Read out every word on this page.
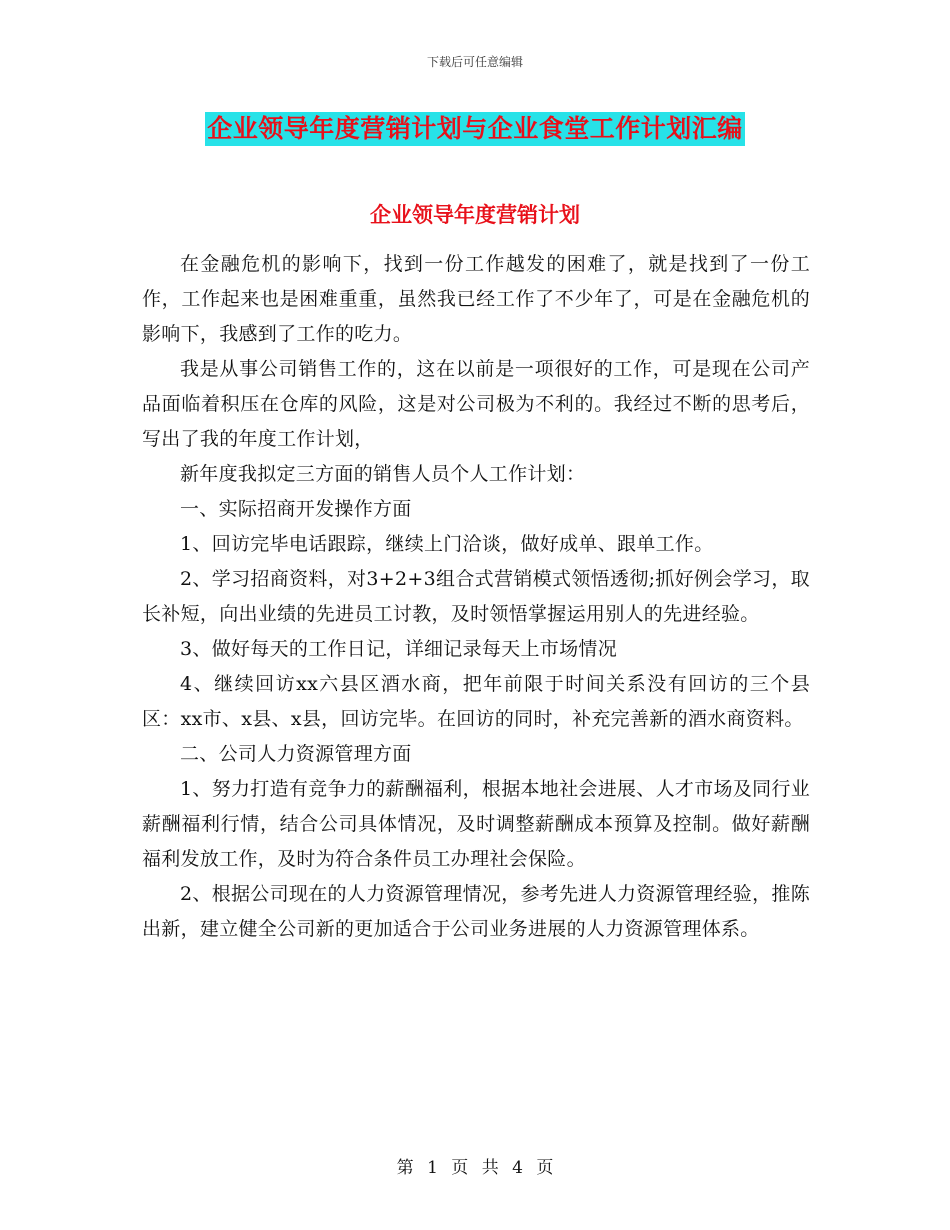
下载后可任意编辑
企业领导年度营销计划与企业食堂工作计划汇编
企业领导年度营销计划

在金融危机的影响下，找到一份工作越发的困难了，就是找到了一份工作，工作起来也是困难重重，虽然我已经工作了不少年了，可是在金融危机的影响下，我感到了工作的吃力。

我是从事公司销售工作的，这在以前是一项很好的工作，可是现在公司产品面临着积压在仓库的风险，这是对公司极为不利的。我经过不断的思考后，写出了我的年度工作计划，

新年度我拟定三方面的销售人员个人工作计划：

一、实际招商开发操作方面

1、回访完毕电话跟踪，继续上门洽谈，做好成单、跟单工作。

2、学习招商资料，对3+2+3组合式营销模式领悟透彻;抓好例会学习，取长补短，向出业绩的先进员工讨教，及时领悟掌握运用别人的先进经验。

3、做好每天的工作日记，详细记录每天上市场情况

4、继续回访xx六县区酒水商，把年前限于时间关系没有回访的三个县区：xx市、x县、x县，回访完毕。在回访的同时，补充完善新的酒水商资料。

二、公司人力资源管理方面

1、努力打造有竞争力的薪酬福利，根据本地社会进展、人才市场及同行业薪酬福利行情，结合公司具体情况，及时调整薪酬成本预算及控制。做好薪酬福利发放工作，及时为符合条件员工办理社会保险。

2、根据公司现在的人力资源管理情况，参考先进人力资源管理经验，推陈出新，建立健全公司新的更加适合于公司业务进展的人力资源管理体系。

第 1 页 共 4 页
